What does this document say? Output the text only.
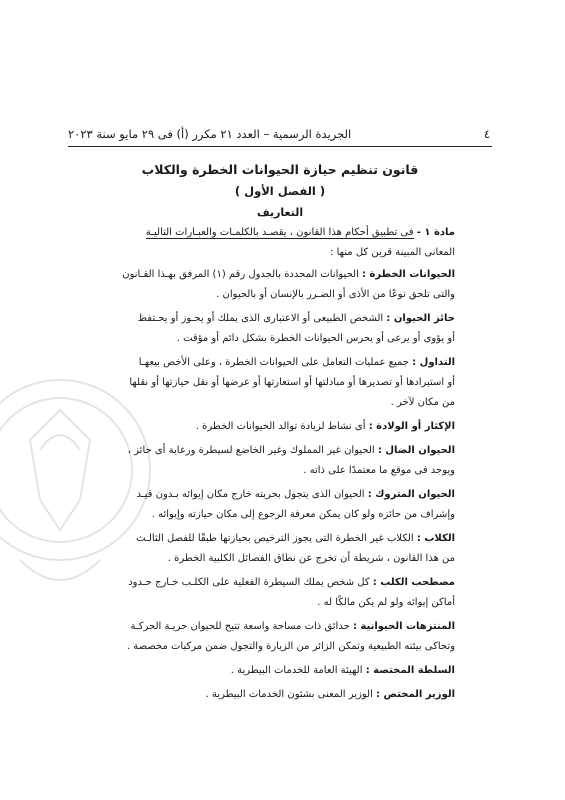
٤
الجريدة الرسمية – العدد ٢١ مكرر (أ) فى ٢٩ مايو سنة ٢٠٢٣
قانون تنظيم حيازة الحيوانات الخطرة والكلاب
( الفصل الأول )
التعاريف
مادة ١ - فى تطبيق أحكام هذا القانون ، يقصـد بالكلمـات والعبـارات التاليـة
المعانى المبينة قرين كل منها :
الحيوانات الخطرة : الحيوانات المحددة بالجدول رقم (١) المرفق بهـذا القـانون
والتى تلحق نوعًا من الأذى أو الضـرر بالإنسان أو بالحيوان .
حائز الحيوان : الشخص الطبيعى أو الاعتبارى الذى يملك أو يحـوز أو يحـتفظ
أو يؤوى أو يرعى أو يحرس الحيوانات الخطرة بشكل دائم أو مؤقت .
التداول : جميع عمليات التعامل على الحيوانات الخطرة ، وعلى الأخص بيعهـا
أو استيرادها أو تصديرها أو مبادلتها أو استعارتها أو عرضها أو نقل حيازتها أو نقلها
من مكان لآخر .
الإكثار أو الولادة : أى نشاط لزيادة توالد الحيوانات الخطرة .
الحيوان الضال : الحيوان غير المملوك وغير الخاضع لسيطرة ورعاية أى حائز ،
ويوجد فى موقع ما معتمدًا على ذاته .
الحيوان المتروك : الحيوان الذى يتجول بحريته خارج مكان إيوائه بـدون قيـد
وإشراف من حائزه ولو كان يمكن معرفة الرجوع إلى مكان حيازته وإيوائه .
الكلاب : الكلاب غير الخطرة التى يجوز الترخيص بحيازتها طبقًا للفصل الثالـث
من هذا القانون ، شريطة أن تخرج عن نطاق الفصائل الكلبية الخطرة .
مصطحب الكلب : كل شخص يملك السيطرة الفعلية على الكلـب خـارج حـدود
أماكن إيوائه ولو لم يكن مالكًا له .
المنتزهات الحيوانية : حدائق ذات مساحة واسعة تتيح للحيوان حريـة الحركـة
وتحاكى بيئته الطبيعية وتمكن الزائر من الزيارة والتجول ضمن مركبات مخصصة .
السلطة المختصة : الهيئة العامة للخدمات البيطرية .
الوزير المختص : الوزير المعنى بشئون الخدمات البيطرية .
